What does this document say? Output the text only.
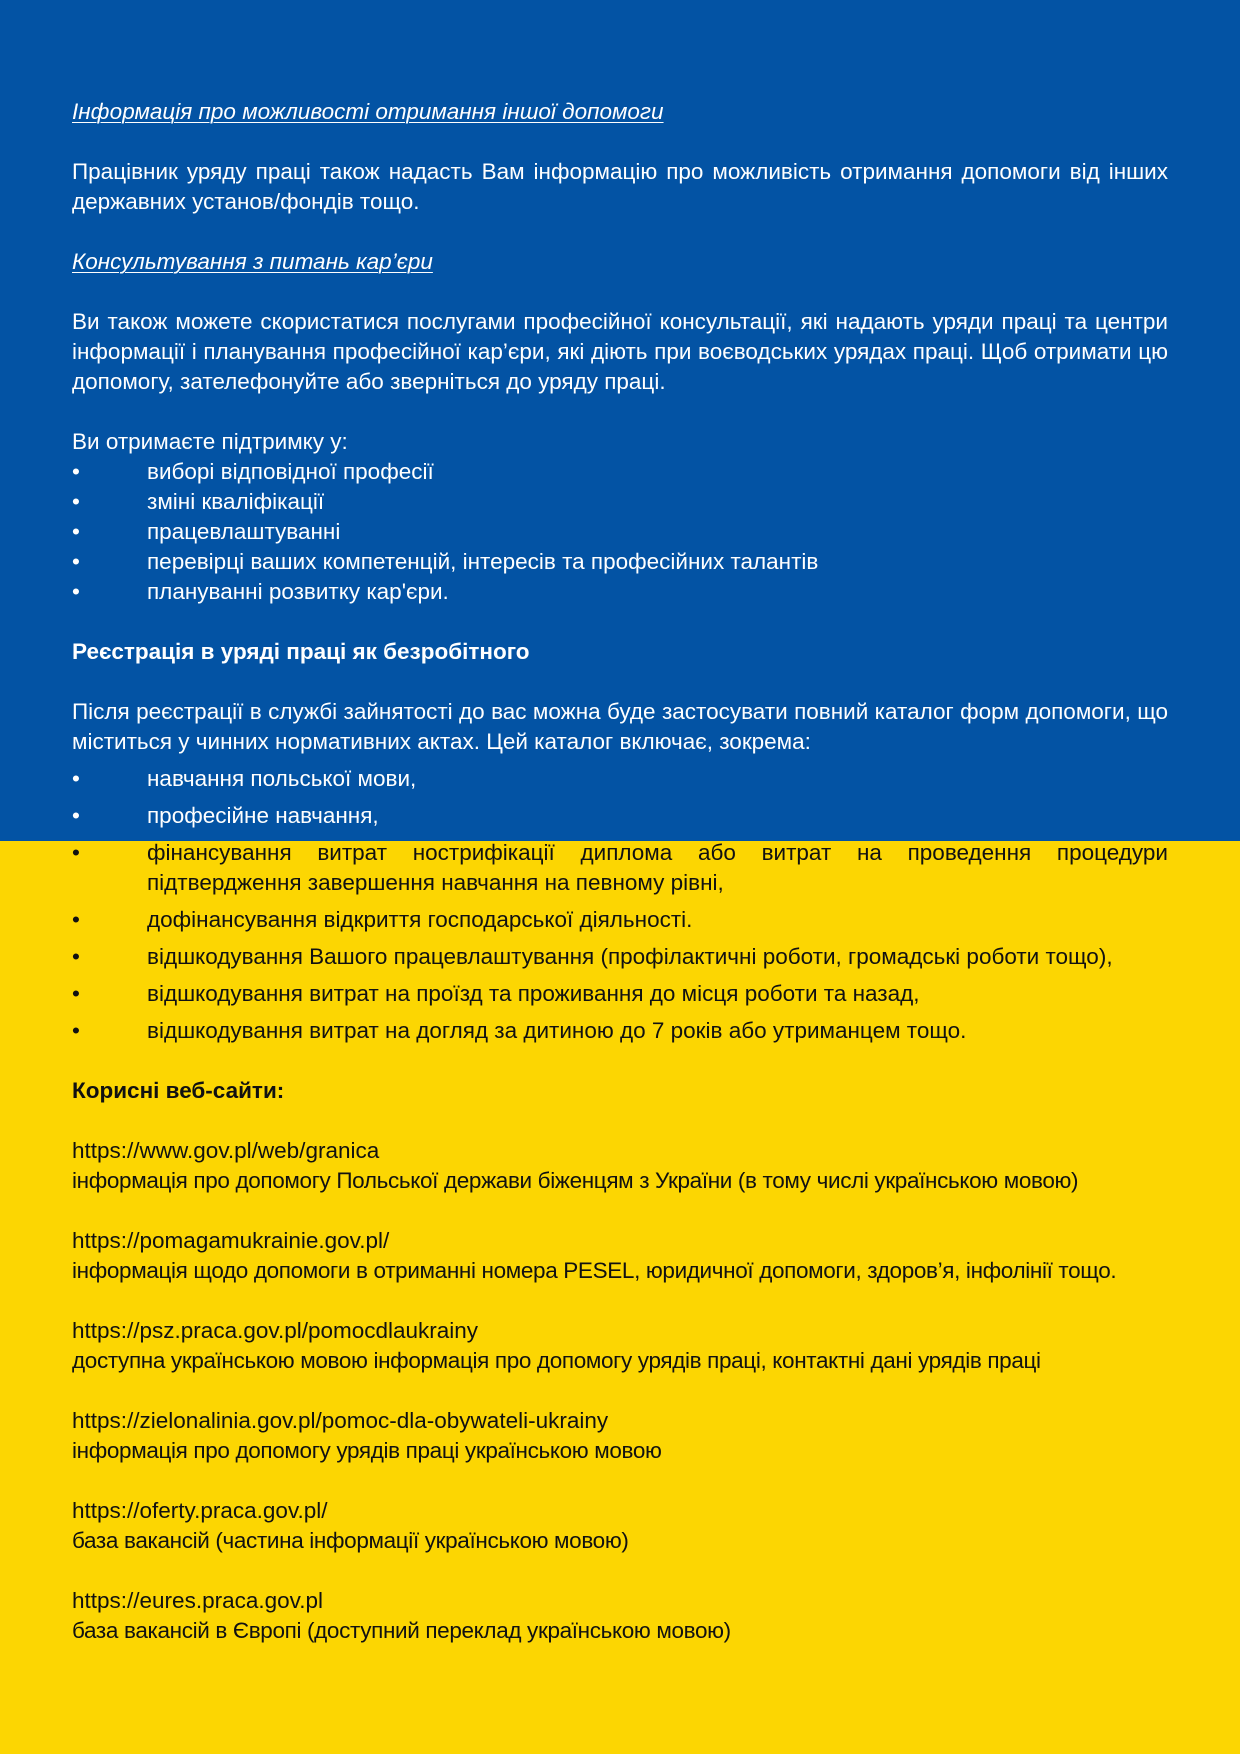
Інформація про можливості отримання іншої допомоги

Працівник уряду праці також надасть Вам інформацію про можливість отримання допомоги від інших державних установ/фондів тощо.

Консультування з питань кар’єри

Ви також можете скористатися послугами професійної консультації, які надають уряди праці та центри інформації і планування професійної кар’єри, які діють при воєводських урядах праці. Щоб отримати цю допомогу, зателефонуйте або зверніться до уряду праці.

Ви отримаєте підтримку у:

•	виборі відповідної професії
•	зміні кваліфікації
•	працевлаштуванні
•	перевірці ваших компетенцій, інтересів та професійних талантів
•	плануванні розвитку кар'єри.

Реєстрація в уряді праці як безробітного

Після реєстрації в службі зайнятості до вас можна буде застосувати повний каталог форм допомоги, що міститься у чинних нормативних актах. Цей каталог включає, зокрема:

•	навчання польської мови,
•	професійне навчання,
•	фінансування витрат нострифікації диплома або витрат на проведення процедури підтвердження завершення навчання на певному рівні,
•	дофінансування відкриття господарської діяльності.
•	відшкодування Вашого працевлаштування (профілактичні роботи, громадські роботи тощо),
•	відшкодування витрат на проїзд та проживання до місця роботи та назад,
•	відшкодування витрат на догляд за дитиною до 7 років або утриманцем тощо.

Корисні веб-сайти:

https://www.gov.pl/web/granica
інформація про допомогу Польської держави біженцям з України (в тому числі українською мовою)

https://pomagamukrainie.gov.pl/
інформація щодо допомоги в отриманні номера PESEL, юридичної допомоги, здоров’я, інфолінії тощо.

https://psz.praca.gov.pl/pomocdlaukrainy
доступна українською мовою інформація про допомогу урядів праці, контактні дані урядів праці

https://zielonalinia.gov.pl/pomoc-dla-obywateli-ukrainy
інформація про допомогу урядів праці українською мовою

https://oferty.praca.gov.pl/
база вакансій (частина інформації українською мовою)

https://eures.praca.gov.pl
база вакансій в Європі (доступний переклад українською мовою)
